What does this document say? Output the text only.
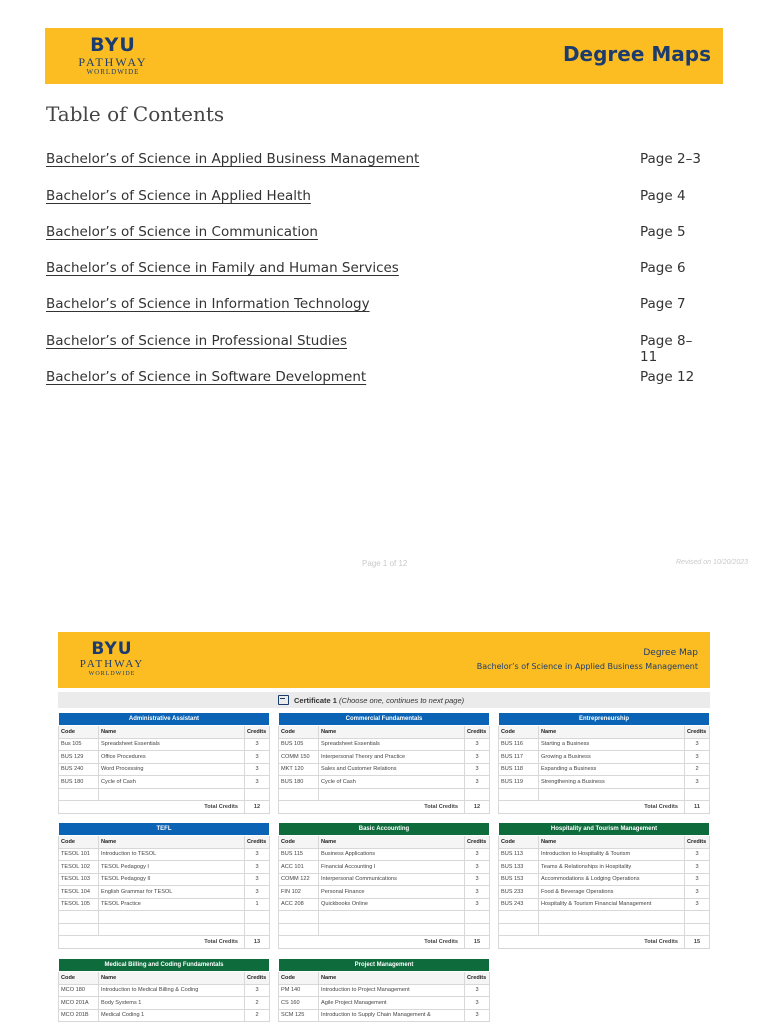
BYU
PATHWAY
WORLDWIDE
Degree Maps
Table of Contents
Bachelor’s of Science in Applied Business Management	Page 2–3
Bachelor’s of Science in Applied Health	Page 4
Bachelor’s of Science in Communication	Page 5
Bachelor’s of Science in Family and Human Services	Page 6
Bachelor’s of Science in Information Technology	Page 7
Bachelor’s of Science in Professional Studies	Page 8–11
Bachelor’s of Science in Software Development	Page 12
Page 1 of 12	Revised on 10/20/2023
BYU
PATHWAY
WORLDWIDE
Degree Map
Bachelor’s of Science in Applied Business Management
Certificate 1 (Choose one, continues to next page)
Administrative Assistant		
Code	Name	Credits
Bus 105	Spreadsheet Essentials	3
BUS 129	Office Procedures	3
BUS 240	Word Processing	3
BUS 180	Cycle of Cash	3

Total Credits		12
Commercial Fundamentals		
Code	Name	Credits
BUS 105	Spreadsheet Essentials	3
COMM 150	Interpersonal Theory and Practice	3
MKT 120	Sales and Customer Relations	3
BUS 180	Cycle of Cash	3

Total Credits		12
Entrepreneurship		
Code	Name	Credits
BUS 116	Starting a Business	3
BUS 117	Growing a Business	3
BUS 118	Expanding a Business	2
BUS 119	Strengthening a Business	3

Total Credits		11
TEFL		
Code	Name	Credits
TESOL 101	Introduction to TESOL	3
TESOL 102	TESOL Pedagogy I	3
TESOL 103	TESOL Pedagogy II	3
TESOL 104	English Grammar for TESOL	3
TESOL 105	TESOL Practice	1

Total Credits		13
Basic Accounting		
Code	Name	Credits
BUS 115	Business Applications	3
ACC 101	Financial Accounting I	3
COMM 122	Interpersonal Communications	3
FIN 102	Personal Finance	3
ACC 208	Quickbooks Online	3

Total Credits		15
Hospitality and Tourism Management		
Code	Name	Credits
BUS 113	Introduction to Hospitality & Tourism	3
BUS 133	Teams & Relationships in Hospitality	3
BUS 153	Accommodations & Lodging Operations	3
BUS 233	Food & Beverage Operations	3
BUS 243	Hospitality & Tourism Financial Management	3

Total Credits		15
Medical Billing and Coding Fundamentals		
Code	Name	Credits
MCO 180	Introduction to Medical Billing & Coding	3
MCO 201A	Body Systems 1	2
MCO 201B	Medical Coding 1	2
Project Management		
Code	Name	Credits
PM 140	Introduction to Project Management	3
CS 160	Agile Project Management	3
SCM 125	Introduction to Supply Chain Management &	3
